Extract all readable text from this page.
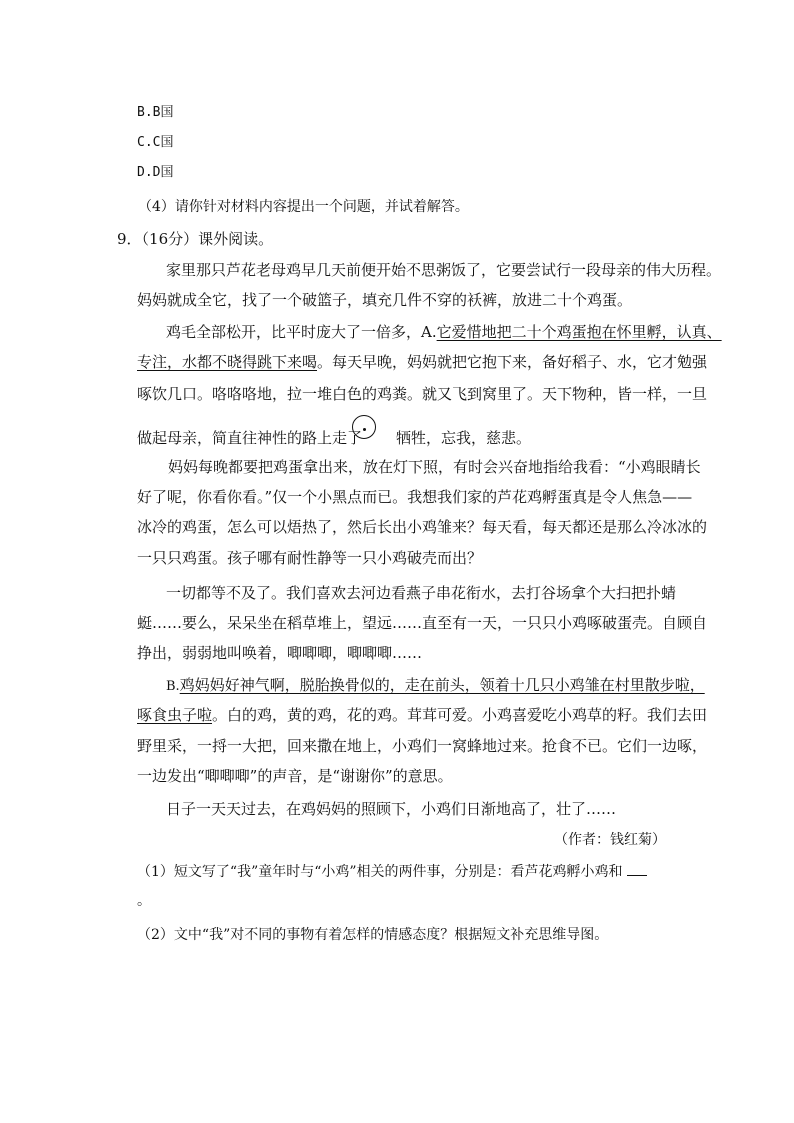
B.B国
C.C国
D.D国
（4）请你针对材料内容提出一个问题，并试着解答。
9．（16分）课外阅读。
家里那只芦花老母鸡早几天前便开始不思粥饭了，它要尝试行一段母亲的伟大历程。
妈妈就成全它，找了一个破篮子，填充几件不穿的袄裤，放进二十个鸡蛋。
鸡毛全部松开，比平时庞大了一倍多，A.它爱惜地把二十个鸡蛋抱在怀里孵，认真、
专注，水都不晓得跳下来喝。每天早晚，妈妈就把它抱下来，备好稻子、水，它才勉强
啄饮几口。咯咯咯地，拉一堆白色的鸡粪。就又飞到窝里了。天下物种，皆一样，一旦
做起母亲，简直往神性的路上走了 牺牲，忘我，慈悲。
妈妈每晚都要把鸡蛋拿出来，放在灯下照，有时会兴奋地指给我看：“小鸡眼睛长
好了呢，你看你看。”仅一个小黑点而已。我想我们家的芦花鸡孵蛋真是令人焦急——
冰冷的鸡蛋，怎么可以焐热了，然后长出小鸡雏来？每天看，每天都还是那么冷冰冰的
一只只鸡蛋。孩子哪有耐性静等一只小鸡破壳而出？
一切都等不及了。我们喜欢去河边看燕子串花衔水，去打谷场拿个大扫把扑蜻
蜓……要么，呆呆坐在稻草堆上，望远……直至有一天，一只只小鸡啄破蛋壳。自顾自
挣出，弱弱地叫唤着，唧唧唧，唧唧唧……
B.鸡妈妈好神气啊，脱胎换骨似的，走在前头，领着十几只小鸡雏在村里散步啦，
啄食虫子啦。白的鸡，黄的鸡，花的鸡。茸茸可爱。小鸡喜爱吃小鸡草的籽。我们去田
野里采，一捋一大把，回来撒在地上，小鸡们一窝蜂地过来。抢食不已。它们一边啄，
一边发出“唧唧唧”的声音，是“谢谢你”的意思。
日子一天天过去，在鸡妈妈的照顾下，小鸡们日渐地高了，壮了……
（作者：钱红菊）
（1）短文写了“我”童年时与“小鸡”相关的两件事，分别是：看芦花鸡孵小鸡和
。
（2）文中“我”对不同的事物有着怎样的情感态度？根据短文补充思维导图。
